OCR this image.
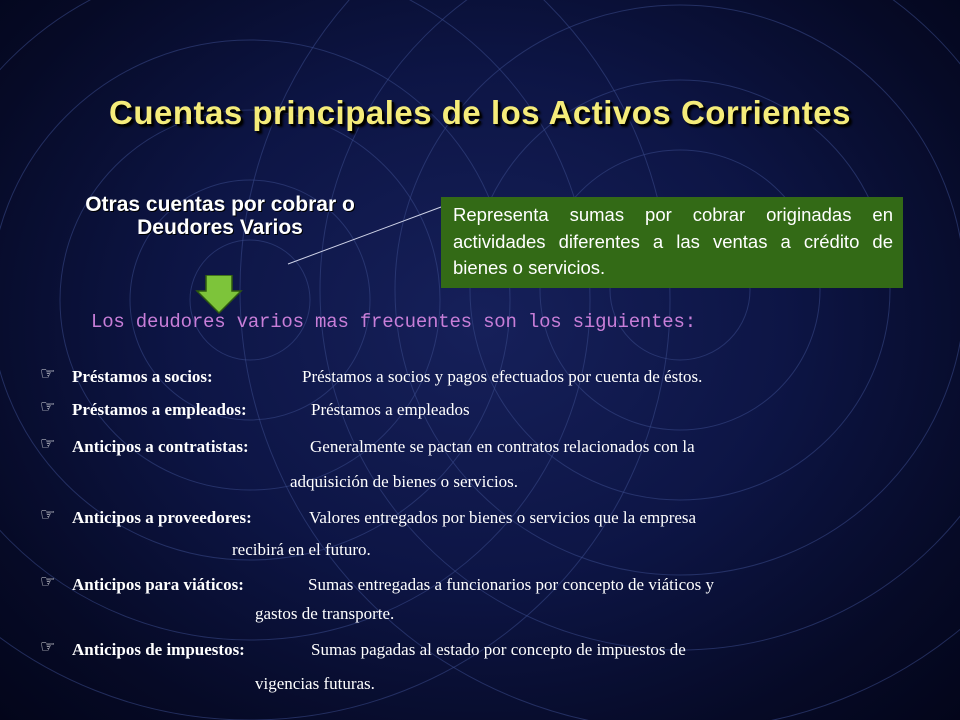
Cuentas principales de los Activos Corrientes
Otras cuentas por cobrar o Deudores Varios
Representa sumas por cobrar originadas en actividades diferentes a las ventas a crédito de bienes o servicios.
Los deudores varios mas frecuentes son los siguientes:
☞ Préstamos a socios:	Préstamos a socios y pagos efectuados por cuenta de éstos.
☞ Préstamos a empleados:	Préstamos a empleados
☞ Anticipos a contratistas:	Generalmente se pactan en contratos relacionados con la
adquisición de bienes o servicios.
☞ Anticipos a proveedores:	Valores entregados por bienes o servicios que la empresa
recibirá en el futuro.
☞ Anticipos para viáticos:	Sumas entregadas a funcionarios por concepto de viáticos y
gastos de transporte.
☞ Anticipos de impuestos:	Sumas pagadas al estado por concepto de impuestos de
vigencias futuras.
